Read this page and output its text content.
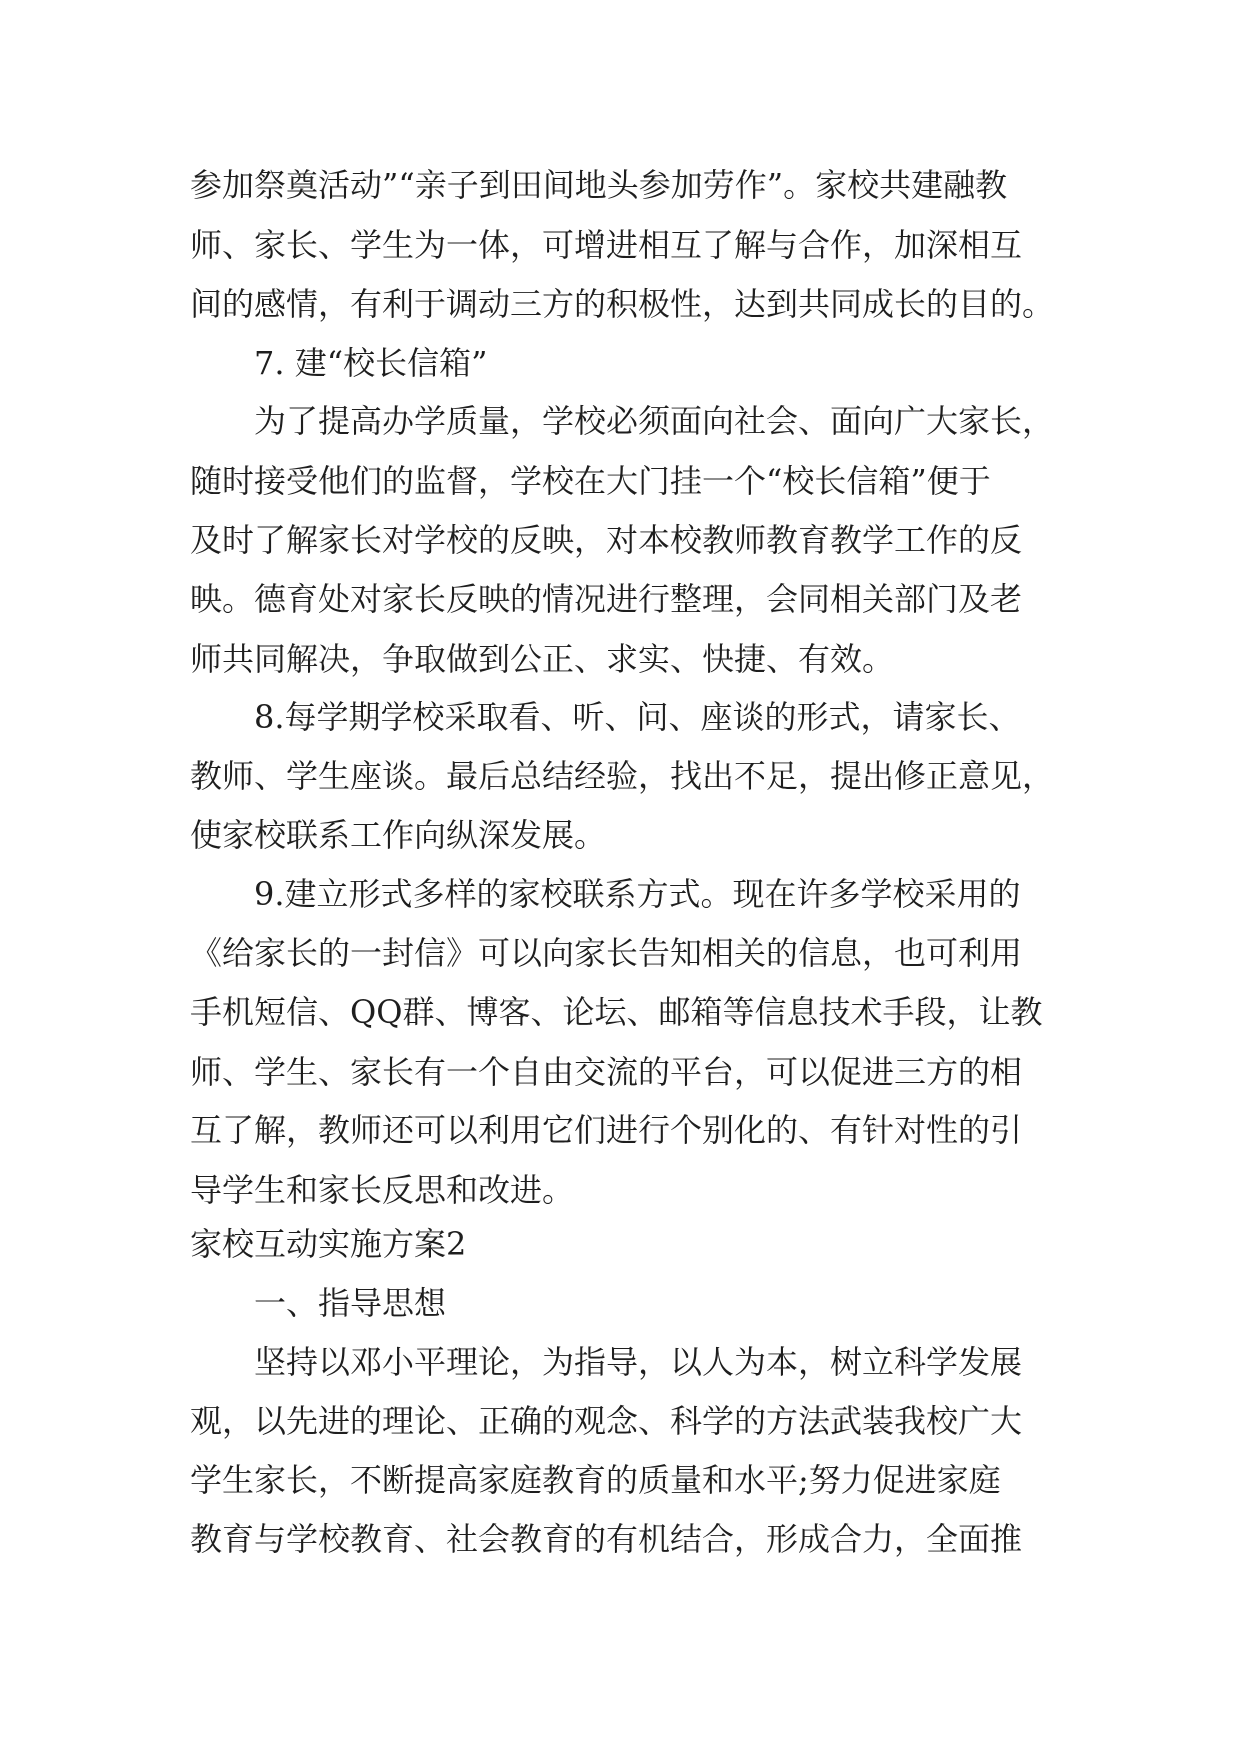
参加祭奠活动”“亲子到田间地头参加劳作”。家校共建融教
师、家长、学生为一体，可增进相互了解与合作，加深相互
间的感情，有利于调动三方的积极性，达到共同成长的目的。
7. 建“校长信箱”
为了提高办学质量，学校必须面向社会、面向广大家长，
随时接受他们的监督，学校在大门挂一个“校长信箱”便于
及时了解家长对学校的反映，对本校教师教育教学工作的反
映。德育处对家长反映的情况进行整理，会同相关部门及老
师共同解决，争取做到公正、求实、快捷、有效。
8.每学期学校采取看、听、问、座谈的形式，请家长、
教师、学生座谈。最后总结经验，找出不足，提出修正意见，
使家校联系工作向纵深发展。
9.建立形式多样的家校联系方式。现在许多学校采用的
《给家长的一封信》可以向家长告知相关的信息，也可利用
手机短信、QQ群、博客、论坛、邮箱等信息技术手段，让教
师、学生、家长有一个自由交流的平台，可以促进三方的相
互了解，教师还可以利用它们进行个别化的、有针对性的引
导学生和家长反思和改进。
家校互动实施方案2
一、指导思想
坚持以邓小平理论，为指导，以人为本，树立科学发展
观，以先进的理论、正确的观念、科学的方法武装我校广大
学生家长，不断提高家庭教育的质量和水平;努力促进家庭
教育与学校教育、社会教育的有机结合，形成合力，全面推
